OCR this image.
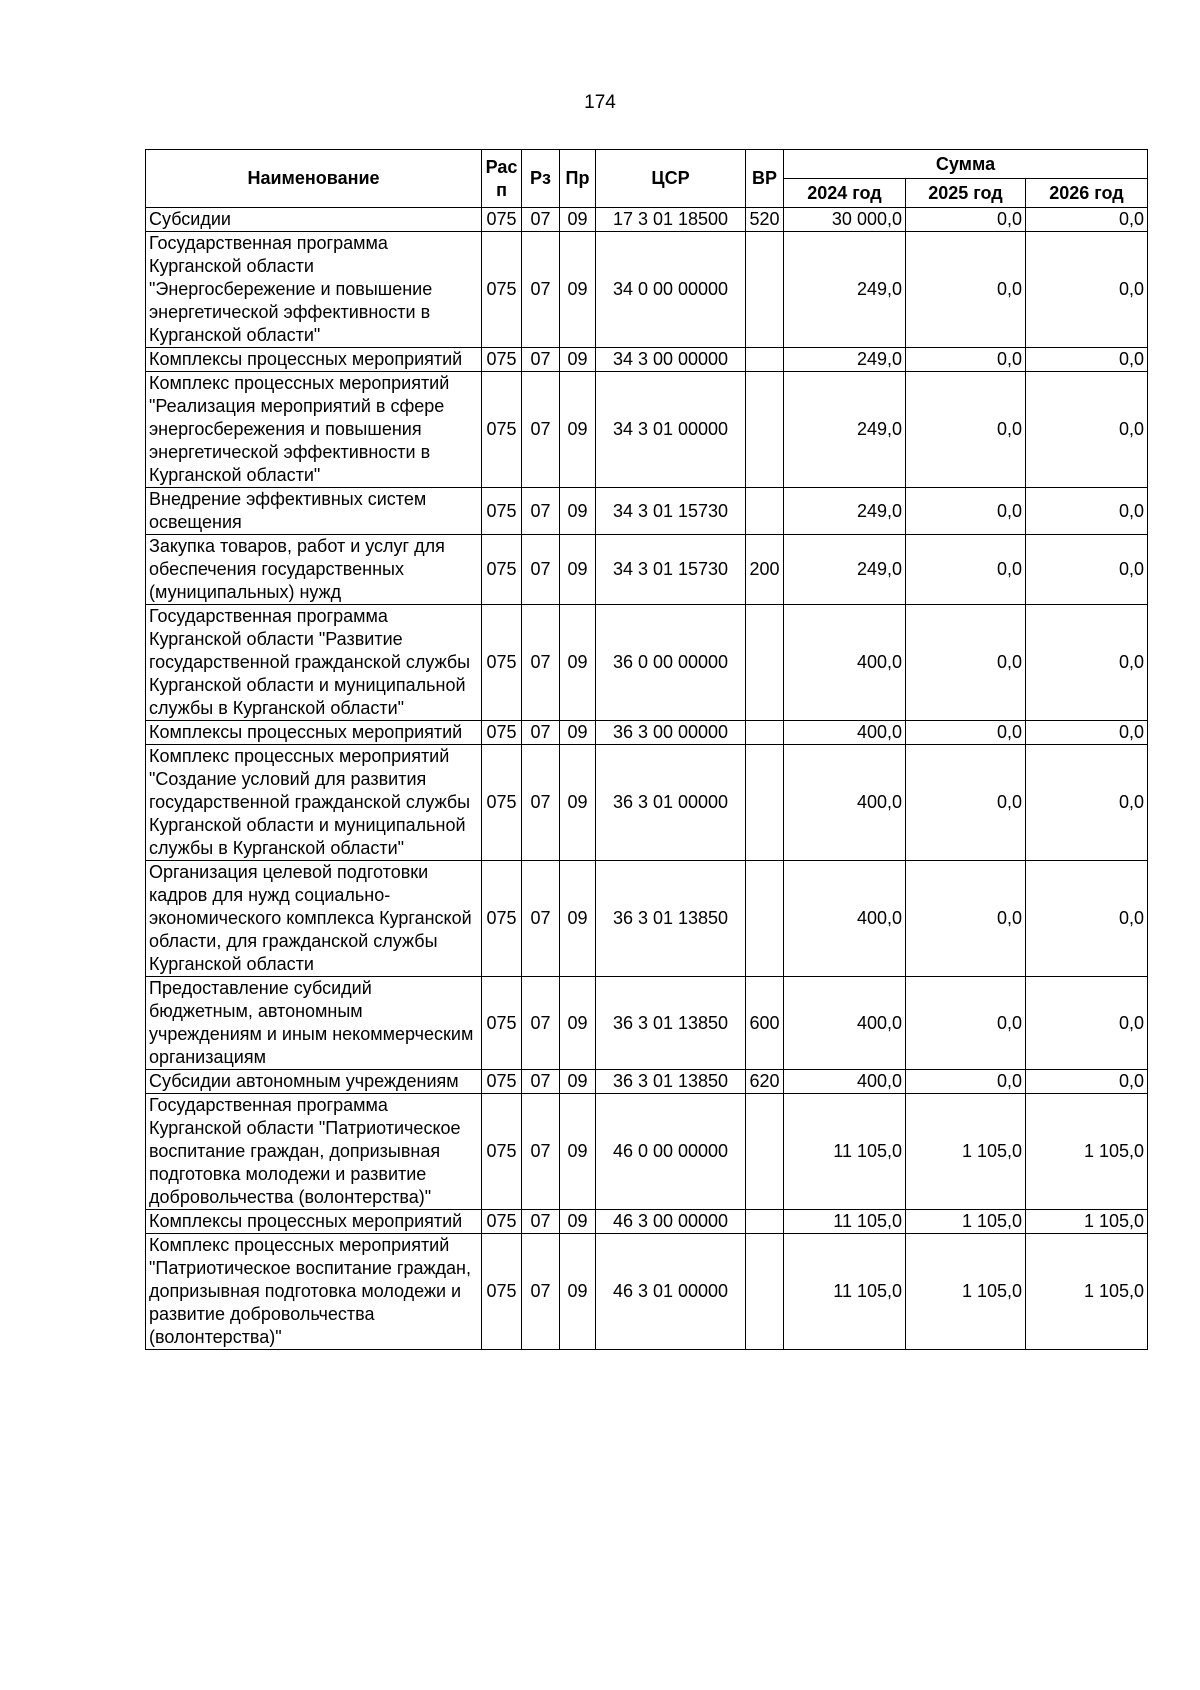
174
Наименование	Рас п	Рз	Пр	ЦСР	ВР	Сумма		
						2024 год	2025 год	2026 год
Субсидии	075	07	09	17 3 01 18500	520	30 000,0	0,0	0,0
Государственная программа Курганской области "Энергосбережение и повышение энергетической эффективности в Курганской области"	075	07	09	34 0 00 00000		249,0	0,0	0,0
Комплексы процессных мероприятий	075	07	09	34 3 00 00000		249,0	0,0	0,0
Комплекс процессных мероприятий "Реализация мероприятий в сфере энергосбережения и повышения энергетической эффективности в Курганской области"	075	07	09	34 3 01 00000		249,0	0,0	0,0
Внедрение эффективных систем освещения	075	07	09	34 3 01 15730		249,0	0,0	0,0
Закупка товаров, работ и услуг для обеспечения государственных (муниципальных) нужд	075	07	09	34 3 01 15730	200	249,0	0,0	0,0
Государственная программа Курганской области "Развитие государственной гражданской службы Курганской области и муниципальной службы в Курганской области"	075	07	09	36 0 00 00000		400,0	0,0	0,0
Комплексы процессных мероприятий	075	07	09	36 3 00 00000		400,0	0,0	0,0
Комплекс процессных мероприятий "Создание условий для развития государственной гражданской службы Курганской области и муниципальной службы в Курганской области"	075	07	09	36 3 01 00000		400,0	0,0	0,0
Организация целевой подготовки кадров для нужд социально-экономического комплекса Курганской области, для гражданской службы Курганской области	075	07	09	36 3 01 13850		400,0	0,0	0,0
Предоставление субсидий бюджетным, автономным учреждениям и иным некоммерческим организациям	075	07	09	36 3 01 13850	600	400,0	0,0	0,0
Субсидии автономным учреждениям	075	07	09	36 3 01 13850	620	400,0	0,0	0,0
Государственная программа Курганской области "Патриотическое воспитание граждан, допризывная подготовка молодежи и развитие добровольчества (волонтерства)"	075	07	09	46 0 00 00000		11 105,0	1 105,0	1 105,0
Комплексы процессных мероприятий	075	07	09	46 3 00 00000		11 105,0	1 105,0	1 105,0
Комплекс процессных мероприятий "Патриотическое воспитание граждан, допризывная подготовка молодежи и развитие добровольчества (волонтерства)"	075	07	09	46 3 01 00000		11 105,0	1 105,0	1 105,0
